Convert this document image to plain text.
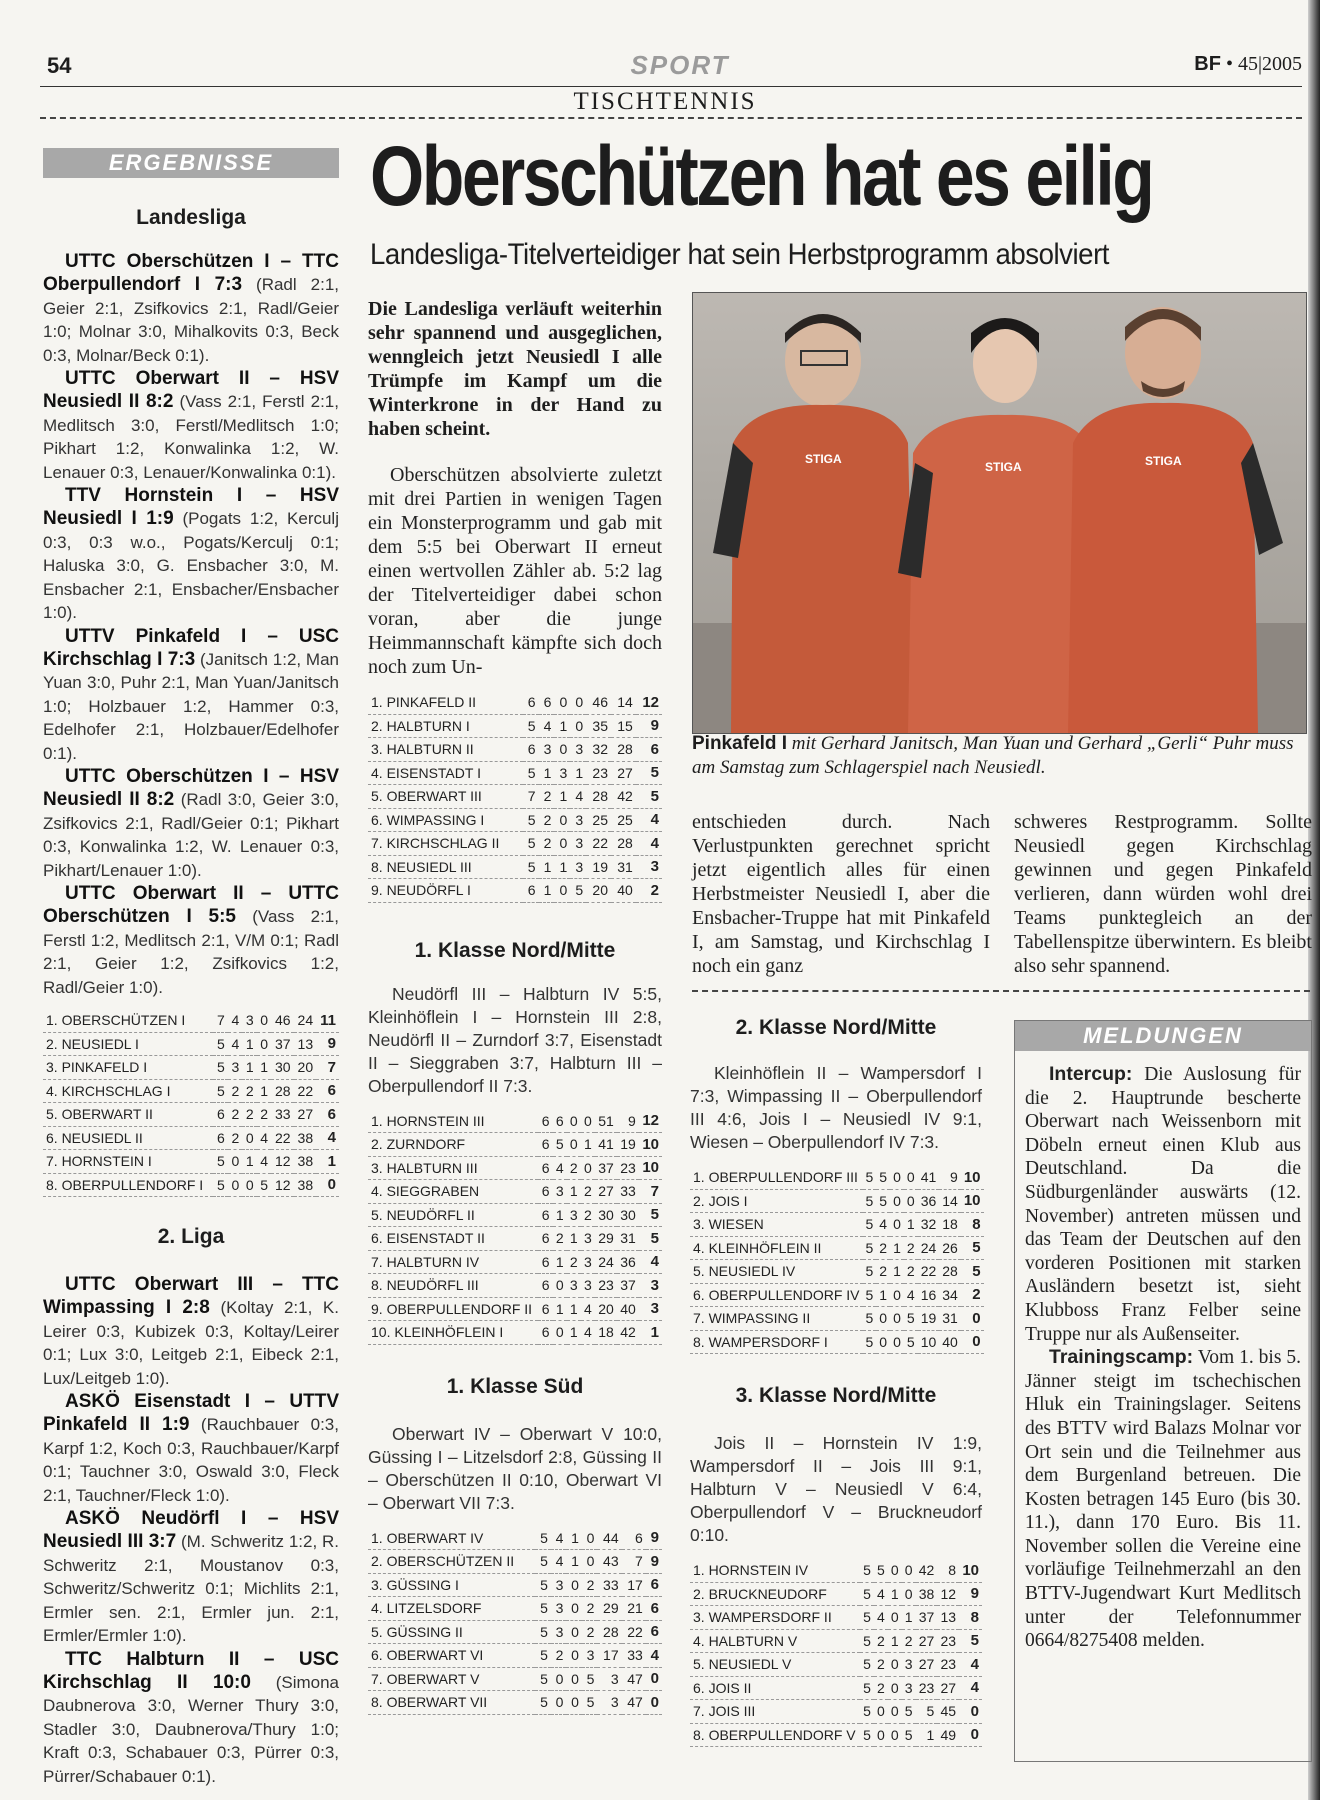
54	SPORT	BF • 45|2005
TISCHTENNIS
ERGEBNISSE
Landesliga

UTTC Oberschützen I – TTC Oberpullendorf I 7:3 (Radl 2:1, Geier 2:1, Zsifkovics 2:1, Radl/Geier 1:0; Molnar 3:0, Mihalkovits 0:3, Beck 0:3, Molnar/Beck 0:1).

UTTC Oberwart II – HSV Neusiedl II 8:2 (Vass 2:1, Ferstl 2:1, Medlitsch 3:0, Ferstl/Medlitsch 1:0; Pikhart 1:2, Konwalinka 1:2, W. Lenauer 0:3, Lenauer/Konwalinka 0:1).

TTV Hornstein I – HSV Neusiedl I 1:9 (Pogats 1:2, Kerculj 0:3, 0:3 w.o., Pogats/Kerculj 0:1; Haluska 3:0, G. Ensbacher 3:0, M. Ensbacher 2:1, Ensbacher/Ensbacher 1:0).

UTTV Pinkafeld I – USC Kirchschlag I 7:3 (Janitsch 1:2, Man Yuan 3:0, Puhr 2:1, Man Yuan/Janitsch 1:0; Holzbauer 1:2, Hammer 0:3, Edelhofer 2:1, Holzbauer/Edelhofer 0:1).

UTTC Oberschützen I – HSV Neusiedl II 8:2 (Radl 3:0, Geier 3:0, Zsifkovics 2:1, Radl/Geier 0:1; Pikhart 0:3, Konwalinka 1:2, W. Lenauer 0:3, Pikhart/Lenauer 1:0).

UTTC Oberwart II – UTTC Oberschützen I 5:5 (Vass 2:1, Ferstl 1:2, Medlitsch 2:1, V/M 0:1; Radl 2:1, Geier 1:2, Zsifkovics 1:2, Radl/Geier 1:0).

1. OBERSCHÜTZEN I	7	4	3	0	46	24	11
2. NEUSIEDL I	5	4	1	0	37	13	9
3. PINKAFELD I	5	3	1	1	30	20	7
4. KIRCHSCHLAG I	5	2	2	1	28	22	6
5. OBERWART II	6	2	2	2	33	27	6
6. NEUSIEDL II	6	2	0	4	22	38	4
7. HORNSTEIN I	5	0	1	4	12	38	1
8. OBERPULLENDORF I	5	0	0	5	12	38	0
2. Liga

UTTC Oberwart III – TTC Wimpassing I 2:8 (Koltay 2:1, K. Leirer 0:3, Kubizek 0:3, Koltay/Leirer 0:1; Lux 3:0, Leitgeb 2:1, Eibeck 2:1, Lux/Leitgeb 1:0).

ASKÖ Eisenstadt I – UTTV Pinkafeld II 1:9 (Rauchbauer 0:3, Karpf 1:2, Koch 0:3, Rauchbauer/Karpf 0:1; Tauchner 3:0, Oswald 3:0, Fleck 2:1, Tauchner/Fleck 1:0).

ASKÖ Neudörfl I – HSV Neusiedl III 3:7 (M. Schweritz 1:2, R. Schweritz 2:1, Moustanov 0:3, Schweritz/Schweritz 0:1; Michlits 2:1, Ermler sen. 2:1, Ermler jun. 2:1, Ermler/Ermler 1:0).

TTC Halbturn II – USC Kirchschlag II 10:0 (Simona Daubnerova 3:0, Werner Thury 3:0, Stadler 3:0, Daubnerova/Thury 1:0; Kraft 0:3, Schabauer 0:3, Pürrer 0:3, Pürrer/Schabauer 0:1).

Oberschützen hat es eilig
Landesliga-Titelverteidiger hat sein Herbstprogramm absolviert
Die Landesliga verläuft weiterhin sehr spannend und ausgeglichen, wenngleich jetzt Neusiedl I alle Trümpfe im Kampf um die Winterkrone in der Hand zu haben scheint.

Oberschützen absolvierte zuletzt mit drei Partien in wenigen Tagen ein Monsterprogramm und gab mit dem 5:5 bei Oberwart II erneut einen wertvollen Zähler ab. 5:2 lag der Titelverteidiger dabei schon voran, aber die junge Heimmannschaft kämpfte sich doch noch zum Un-

1. PINKAFELD II	6	6	0	0	46	14	12
2. HALBTURN I	5	4	1	0	35	15	9
3. HALBTURN II	6	3	0	3	32	28	6
4. EISENSTADT I	5	1	3	1	23	27	5
5. OBERWART III	7	2	1	4	28	42	5
6. WIMPASSING I	5	2	0	3	25	25	4
7. KIRCHSCHLAG II	5	2	0	3	22	28	4
8. NEUSIEDL III	5	1	1	3	19	31	3
9. NEUDÖRFL I	6	1	0	5	20	40	2
1. Klasse Nord/Mitte

Neudörfl III – Halbturn IV 5:5, Kleinhöflein I – Hornstein III 2:8, Neudörfl II – Zurndorf 3:7, Eisenstadt II – Sieggraben 3:7, Halbturn III – Oberpullendorf II 7:3.

1. HORNSTEIN III	6	6	0	0	51	9	12
2. ZURNDORF	6	5	0	1	41	19	10
3. HALBTURN III	6	4	2	0	37	23	10
4. SIEGGRABEN	6	3	1	2	27	33	7
5. NEUDÖRFL II	6	1	3	2	30	30	5
6. EISENSTADT II	6	2	1	3	29	31	5
7. HALBTURN IV	6	1	2	3	24	36	4
8. NEUDÖRFL III	6	0	3	3	23	37	3
9. OBERPULLENDORF II	6	1	1	4	20	40	3
10. KLEINHÖFLEIN I	6	0	1	4	18	42	1
1. Klasse Süd

Oberwart IV – Oberwart V 10:0, Güssing I – Litzelsdorf 2:8, Güssing II – Oberschützen II 0:10, Oberwart VI – Oberwart VII 7:3.

1. OBERWART IV	5	4	1	0	44	6	9
2. OBERSCHÜTZEN II	5	4	1	0	43	7	9
3. GÜSSING I	5	3	0	2	33	17	6
4. LITZELSDORF	5	3	0	2	29	21	6
5. GÜSSING II	5	3	0	2	28	22	6
6. OBERWART VI	5	2	0	3	17	33	4
7. OBERWART V	5	0	0	5	3	47	0
8. OBERWART VII	5	0	0	5	3	47	0
STIGA
STIGA	STIGA
Pinkafeld I mit Gerhard Janitsch, Man Yuan und Gerhard „Gerli“ Puhr muss am Samstag zum Schlagerspiel nach Neusiedl.
entschieden durch. Nach Verlustpunkten gerechnet spricht jetzt eigentlich alles für einen Herbstmeister Neusiedl I, aber die Ensbacher-Truppe hat mit Pinkafeld I, am Samstag, und Kirchschlag I noch ein ganz
schweres Restprogramm. Sollte Neusiedl gegen Kirchschlag gewinnen und gegen Pinkafeld verlieren, dann würden wohl drei Teams punktegleich an der Tabellenspitze überwintern. Es bleibt also sehr spannend.
2. Klasse Nord/Mitte

Kleinhöflein II – Wampersdorf I 7:3, Wimpassing II – Oberpullendorf III 4:6, Jois I – Neusiedl IV 9:1, Wiesen – Oberpullendorf IV 7:3.

1. OBERPULLENDORF III	5	5	0	0	41	9	10
2. JOIS I	5	5	0	0	36	14	10
3. WIESEN	5	4	0	1	32	18	8
4. KLEINHÖFLEIN II	5	2	1	2	24	26	5
5. NEUSIEDL IV	5	2	1	2	22	28	5
6. OBERPULLENDORF IV	5	1	0	4	16	34	2
7. WIMPASSING II	5	0	0	5	19	31	0
8. WAMPERSDORF I	5	0	0	5	10	40	0
3. Klasse Nord/Mitte

Jois II – Hornstein IV 1:9, Wampersdorf II – Jois III 9:1, Halbturn V – Neusiedl V 6:4, Oberpullendorf V – Bruckneudorf 0:10.

1. HORNSTEIN IV	5	5	0	0	42	8	10
2. BRUCKNEUDORF	5	4	1	0	38	12	9
3. WAMPERSDORF II	5	4	0	1	37	13	8
4. HALBTURN V	5	2	1	2	27	23	5
5. NEUSIEDL V	5	2	0	3	27	23	4
6. JOIS II	5	2	0	3	23	27	4
7. JOIS III	5	0	0	5	5	45	0
8. OBERPULLENDORF V	5	0	0	5	1	49	0
MELDUNGEN

Intercup: Die Auslosung für die 2. Hauptrunde bescherte Oberwart nach Weissenborn mit Döbeln erneut einen Klub aus Deutschland. Da die Südburgenländer auswärts (12. November) antreten müssen und das Team der Deutschen auf den vorderen Positionen mit starken Ausländern besetzt ist, sieht Klubboss Franz Felber seine Truppe nur als Außenseiter.

Trainingscamp: Vom 1. bis 5. Jänner steigt im tschechischen Hluk ein Trainingslager. Seitens des BTTV wird Balazs Molnar vor Ort sein und die Teilnehmer aus dem Burgenland betreuen. Die Kosten betragen 145 Euro (bis 30. 11.), dann 170 Euro. Bis 11. November sollen die Vereine eine vorläufige Teilnehmerzahl an den BTTV-Jugendwart Kurt Medlitsch unter der Telefonnummer 0664/8275408 melden.
